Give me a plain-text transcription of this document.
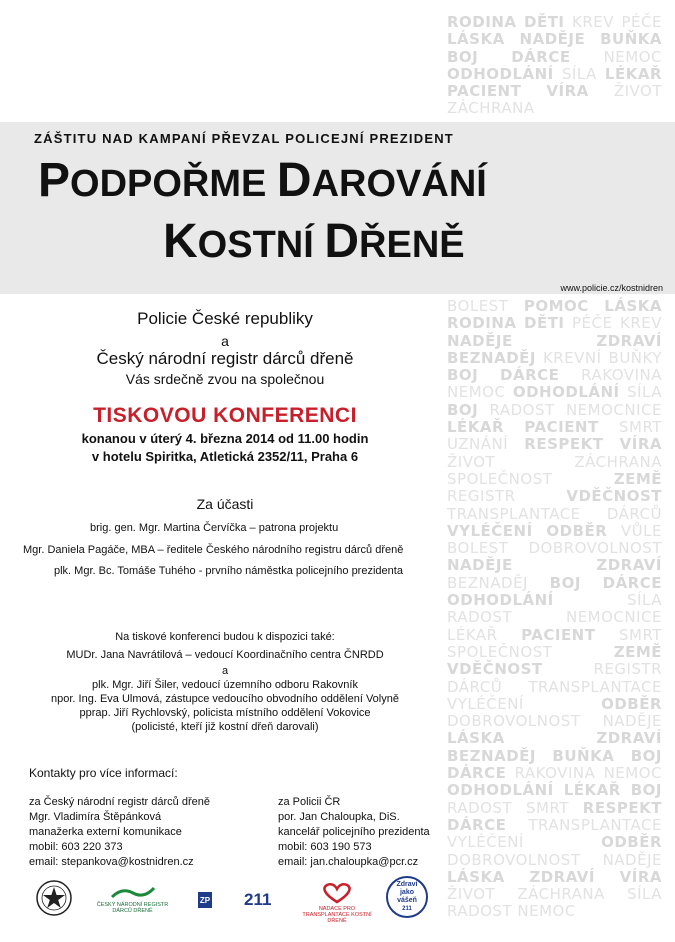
RODINA DĚTI KREV PÉČE LÁSKA NADĚJE BUŇKA BOJ DÁRCE NEMOC ODHODLÁNÍ SÍLA LÉKAŘ PACIENT VÍRA ŽIVOT ZÁCHRANA
BOLEST POMOC LÁSKA RODINA DĚTI PÉČE KREV NADĚJE	ZDRAVÍ BEZNADĚJ KREVNÍ BUŇKY BOJ DÁRCE RAKOVINA NEMOC ODHODLÁNÍ SÍLA BOJ RADOST NEMOCNICE LÉKAŘ PACIENT SMRT UZNÁNÍ RESPEKT VÍRA ŽIVOT	ZÁCHRANA SPOLEČNOST	ZEMĚ REGISTR	VDĚČNOST TRANSPLANTACE DÁRCŮ VYLÉČENÍ ODBĚR VŮLE BOLEST DOBROVOLNOST NADĚJE	ZDRAVÍ BEZNADĚJ BOJ DÁRCE ODHODLÁNÍ	SÍLA RADOST	NEMOCNICE LÉKAŘ PACIENT SMRT SPOLEČNOST	ZEMĚ VDĚČNOST	REGISTR DÁRCŮ TRANSPLANTACE VYLÉČENÍ	ODBĚR DOBROVOLNOST NADĚJE LÁSKA	ZDRAVÍ BEZNADĚJ BUŇKA BOJ DÁRCE RAKOVINA NEMOC ODHODLÁNÍ LÉKAŘ BOJ RADOST SMRT RESPEKT DÁRCE TRANSPLANTACE VYLÉČENÍ	ODBĚR DOBROVOLNOST NADĚJE LÁSKA ZDRAVÍ VÍRA ŽIVOT ZÁCHRANA SÍLA RADOST NEMOC
ZÁŠTITU NAD KAMPANÍ PŘEVZAL POLICEJNÍ PREZIDENT
PODPOŘME DAROVÁNÍ
KOSTNÍ DŘENĚ
www.policie.cz/kostnidren
Policie České republiky
a
Český národní registr dárců dřeně
Vás srdečně zvou na společnou
TISKOVOU KONFERENCI
konanou v úterý 4. března 2014 od 11.00 hodin
v hotelu Spiritka, Atletická 2352/11, Praha 6
Za účasti
brig. gen. Mgr. Martina Červíčka – patrona projektu
Mgr. Daniela Pagáče, MBA – ředitele Českého národního registru dárců dřeně
plk. Mgr. Bc. Tomáše Tuhého - prvního náměstka policejního prezidenta
Na tiskové konferenci budou k dispozici také:
MUDr. Jana Navrátilová – vedoucí Koordinačního centra ČNRDD
a
plk. Mgr. Jiří Šiler, vedoucí územního odboru Rakovník
npor. Ing. Eva Ulmová, zástupce vedoucího obvodního oddělení Volyně
pprap. Jiří Rychlovský, policista místního oddělení Vokovice
(policisté, kteří již kostní dřeň darovali)
Kontakty pro více informací:
za Český národní registr dárců dřeně
Mgr. Vladimíra Štěpánková
manažerka externí komunikace
mobil: 603 220 373
email: stepankova@kostnidren.cz
za Policii ČR
por. Jan Chaloupka, DiS.
kancelář policejního prezidenta
mobil: 603 190 573
email: jan.chaloupka@pcr.cz
ČESKÝ NÁRODNÍ REGISTR DÁRCŮ DŘENĚ
ZP 211	NADACE PRO TRANSPLANTACE KOSTNÍ DŘENĚ
Zdraví
jako
vášeň
211
